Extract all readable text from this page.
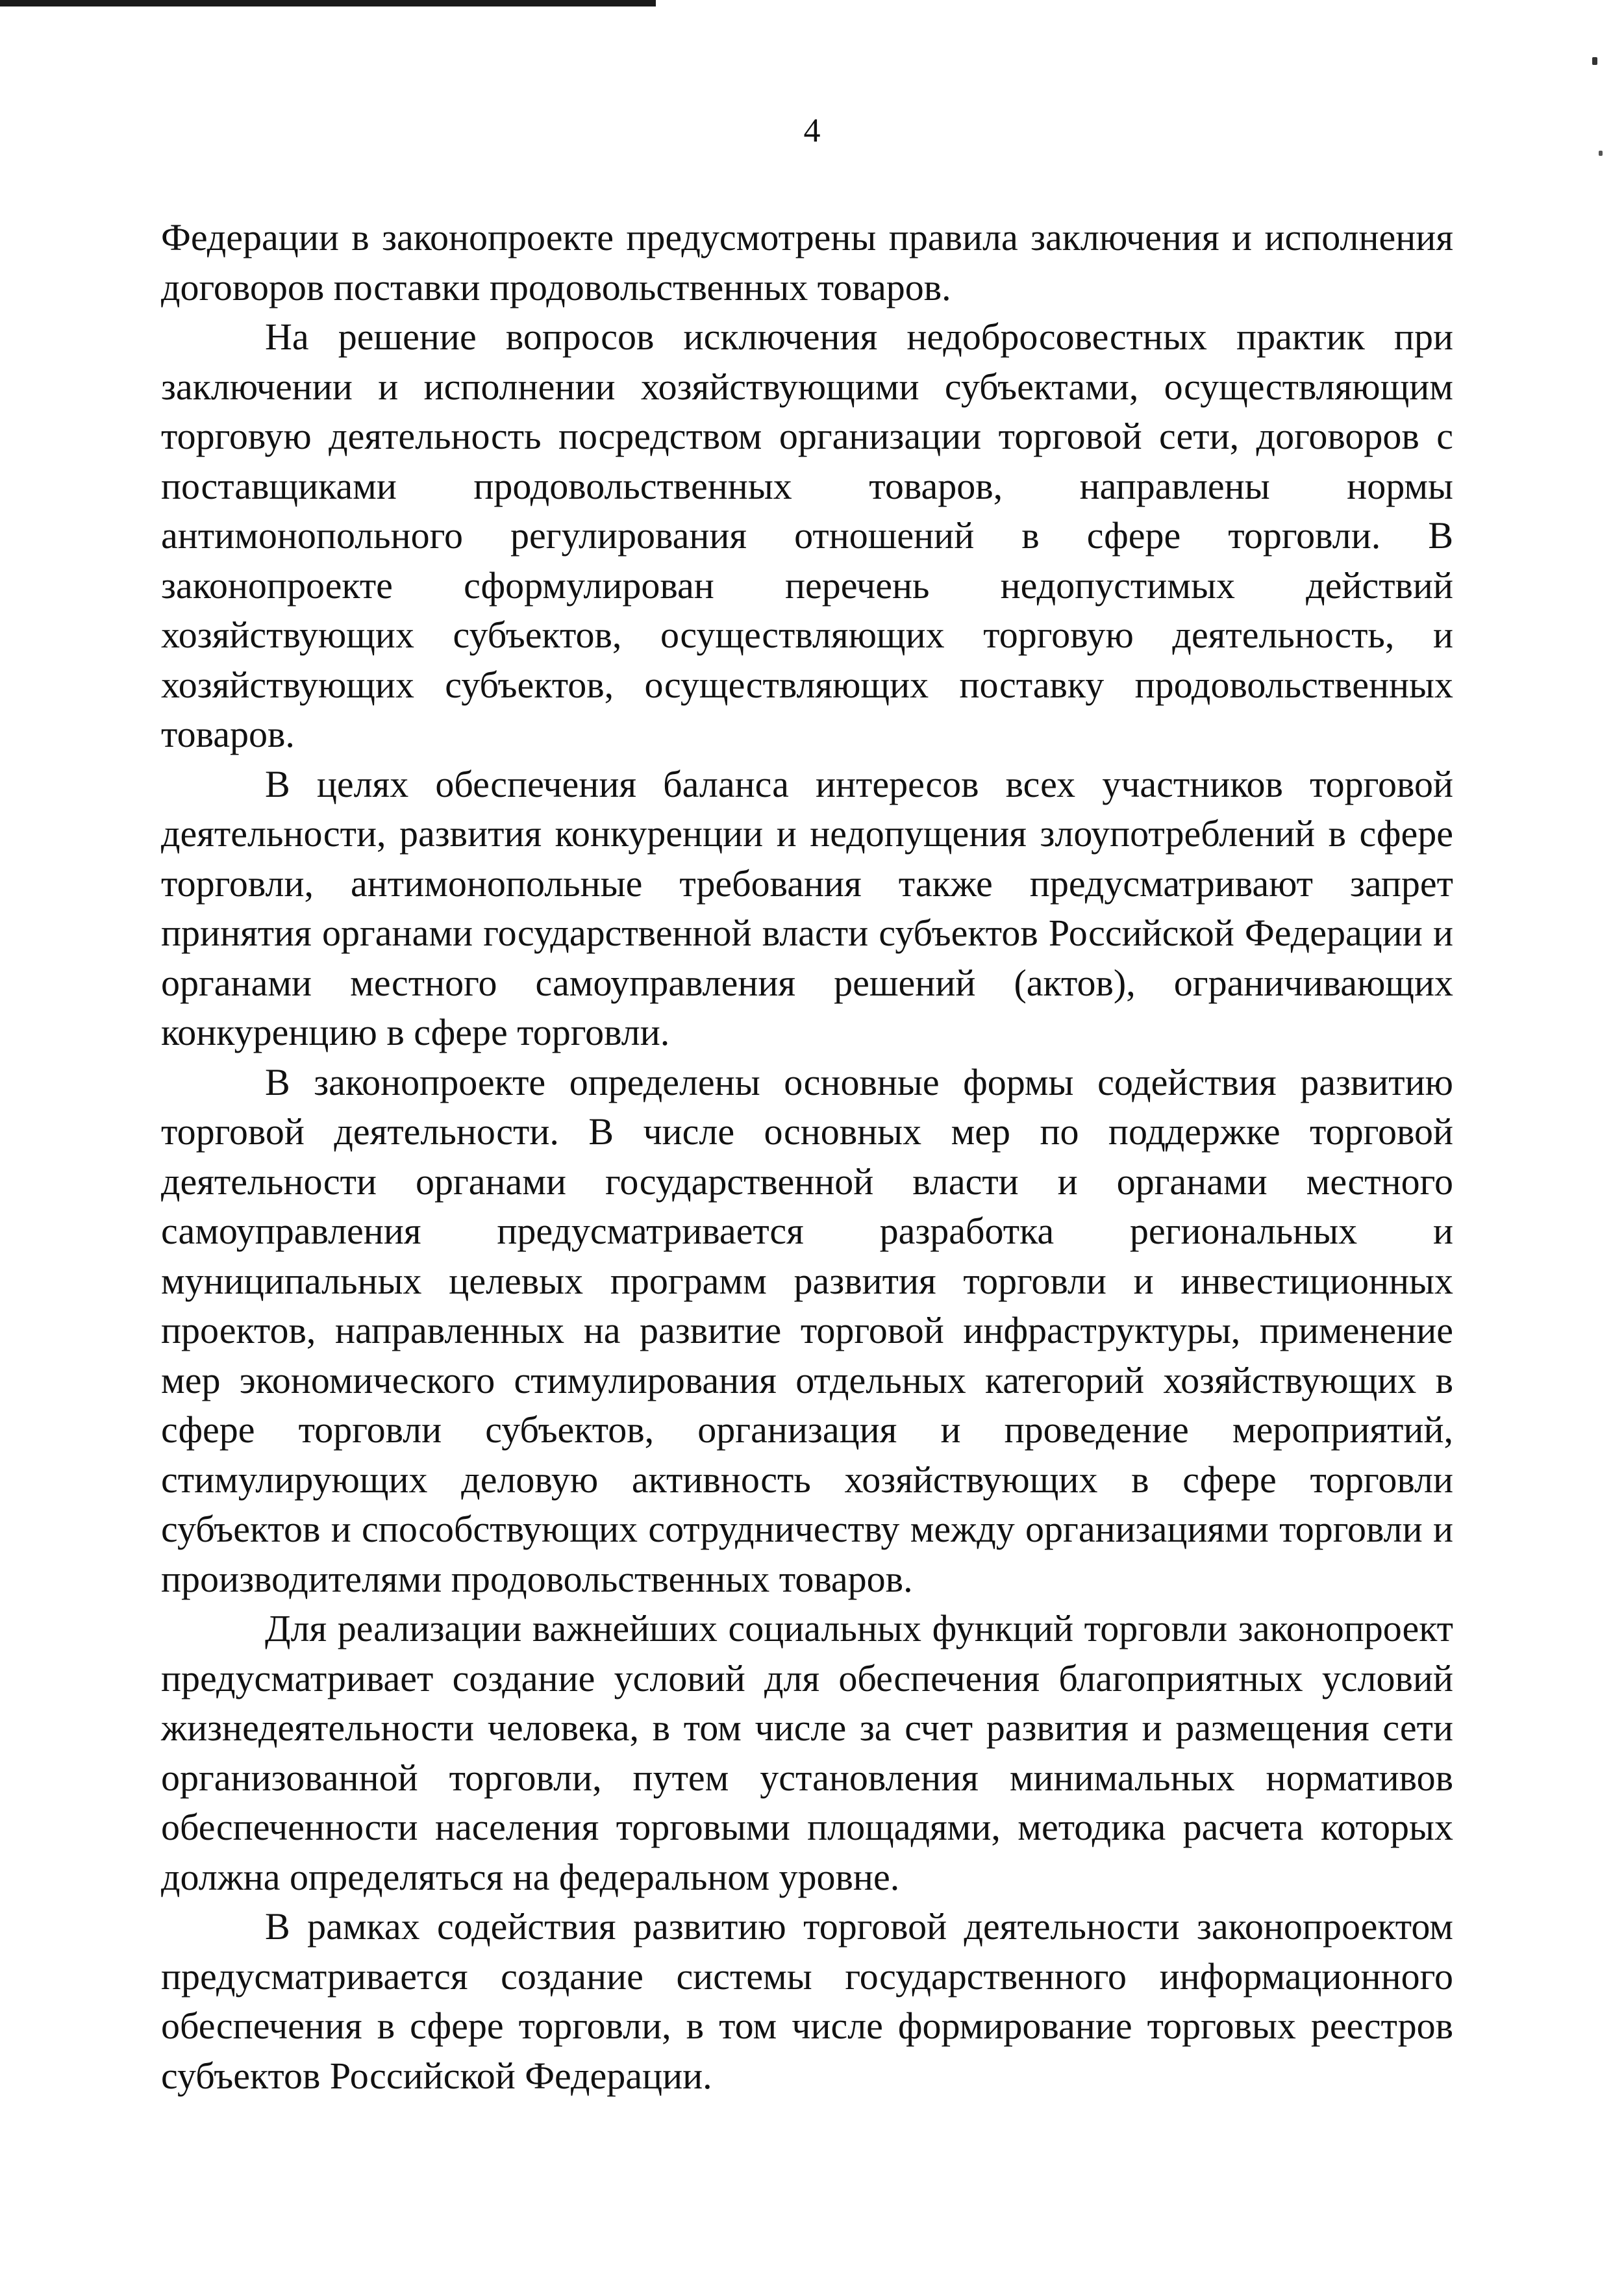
4

Федерации в законопроекте предусмотрены правила заключения и исполнения договоров поставки продовольственных товаров.

На решение вопросов исключения недобросовестных практик при заключении и исполнении хозяйствующими субъектами, осуществляющим торговую деятельность посредством организации торговой сети, договоров с поставщиками продовольственных товаров, направлены нормы антимонопольного регулирования отношений в сфере торговли. В законопроекте сформулирован перечень недопустимых действий хозяйствующих субъектов, осуществляющих торговую деятельность, и хозяйствующих субъектов, осуществляющих поставку продовольственных товаров.

В целях обеспечения баланса интересов всех участников торговой деятельности, развития конкуренции и недопущения злоупотреблений в сфере торговли, антимонопольные требования также предусматривают запрет принятия органами государственной власти субъектов Российской Федерации и органами местного самоуправления решений (актов), ограничивающих конкуренцию в сфере торговли.

В законопроекте определены основные формы содействия развитию торговой деятельности. В числе основных мер по поддержке торговой деятельности органами государственной власти и органами местного самоуправления предусматривается разработка региональных и муниципальных целевых программ развития торговли и инвестиционных проектов, направленных на развитие торговой инфраструктуры, применение мер экономического стимулирования отдельных категорий хозяйствующих в сфере торговли субъектов, организация и проведение мероприятий, стимулирующих деловую активность хозяйствующих в сфере торговли субъектов и способствующих сотрудничеству между организациями торговли и производителями продовольственных товаров.

Для реализации важнейших социальных функций торговли законопроект предусматривает создание условий для обеспечения благоприятных условий жизнедеятельности человека, в том числе за счет развития и размещения сети организованной торговли, путем установления минимальных нормативов обеспеченности населения торговыми площадями, методика расчета которых должна определяться на федеральном уровне.

В рамках содействия развитию торговой деятельности законопроектом предусматривается создание системы государственного информационного обеспечения в сфере торговли, в том числе формирование торговых реестров субъектов Российской Федерации.
